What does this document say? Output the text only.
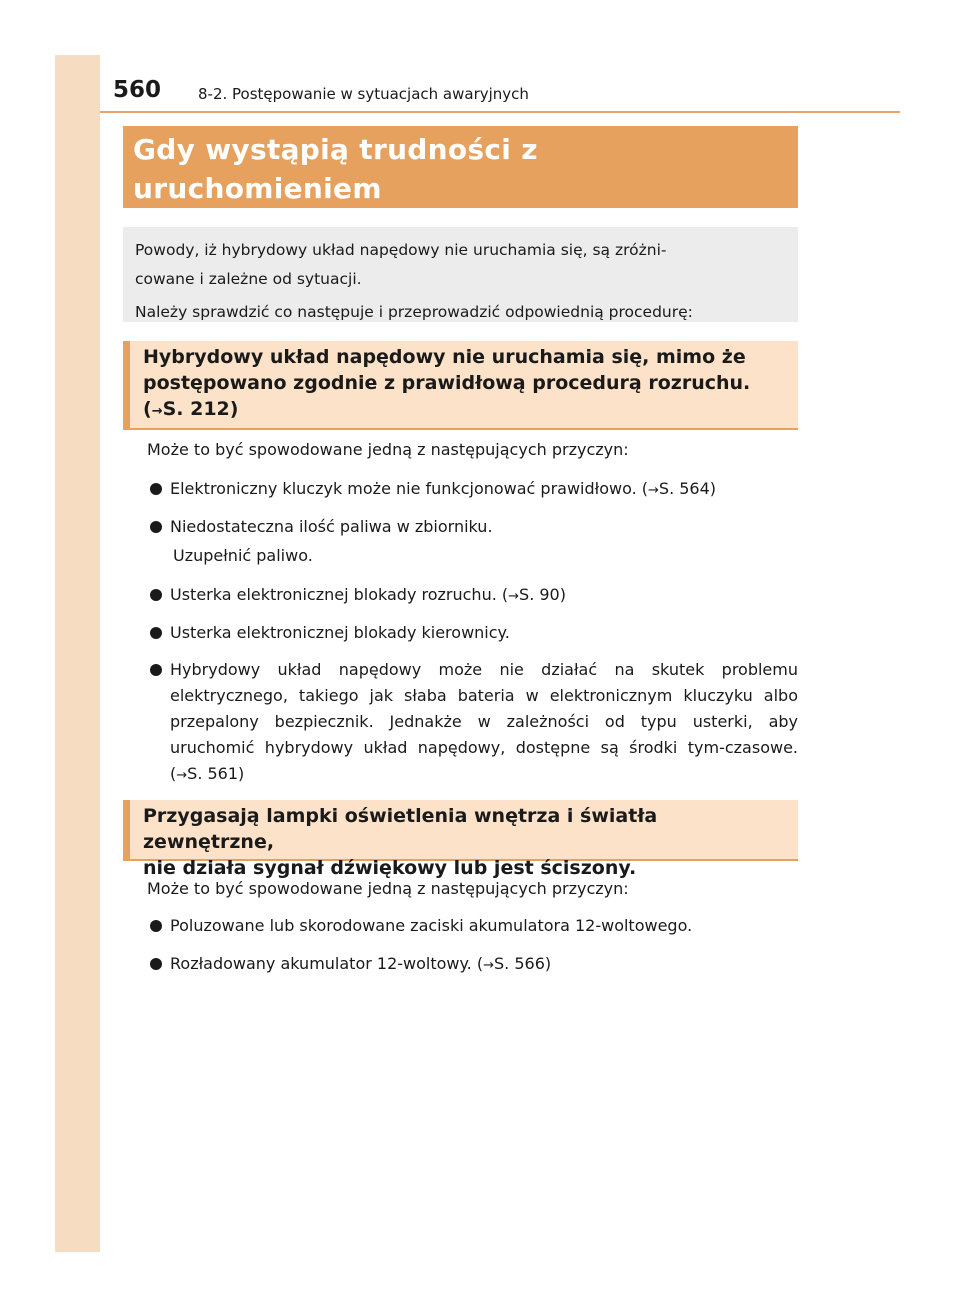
560 8-2. Postępowanie w sytuacjach awaryjnych
Gdy wystąpią trudności z uruchomieniem
Powody, iż hybrydowy układ napędowy nie uruchamia się, są zróżni-
cowane i zależne od sytuacji.
Należy sprawdzić co następuje i przeprowadzić odpowiednią procedurę:
Hybrydowy układ napędowy nie uruchamia się, mimo że
postępowano zgodnie z prawidłową procedurą rozruchu.
(→S. 212)
Może to być spowodowane jedną z następujących przyczyn:
Elektroniczny kluczyk może nie funkcjonować prawidłowo. (→S. 564)
Niedostateczna ilość paliwa w zbiorniku.
Uzupełnić paliwo.
Usterka elektronicznej blokady rozruchu. (→S. 90)
Usterka elektronicznej blokady kierownicy.
Hybrydowy układ napędowy może nie działać na skutek problemu elektrycznego, takiego jak słaba bateria w elektronicznym kluczyku albo przepalony bezpiecznik. Jednakże w zależności od typu usterki, aby uruchomić hybrydowy układ napędowy, dostępne są środki tym-czasowe. (→S. 561)
Przygasają lampki oświetlenia wnętrza i światła zewnętrzne,
nie działa sygnał dźwiękowy lub jest ściszony.
Może to być spowodowane jedną z następujących przyczyn:
Poluzowane lub skorodowane zaciski akumulatora 12-woltowego.
Rozładowany akumulator 12-woltowy. (→S. 566)
